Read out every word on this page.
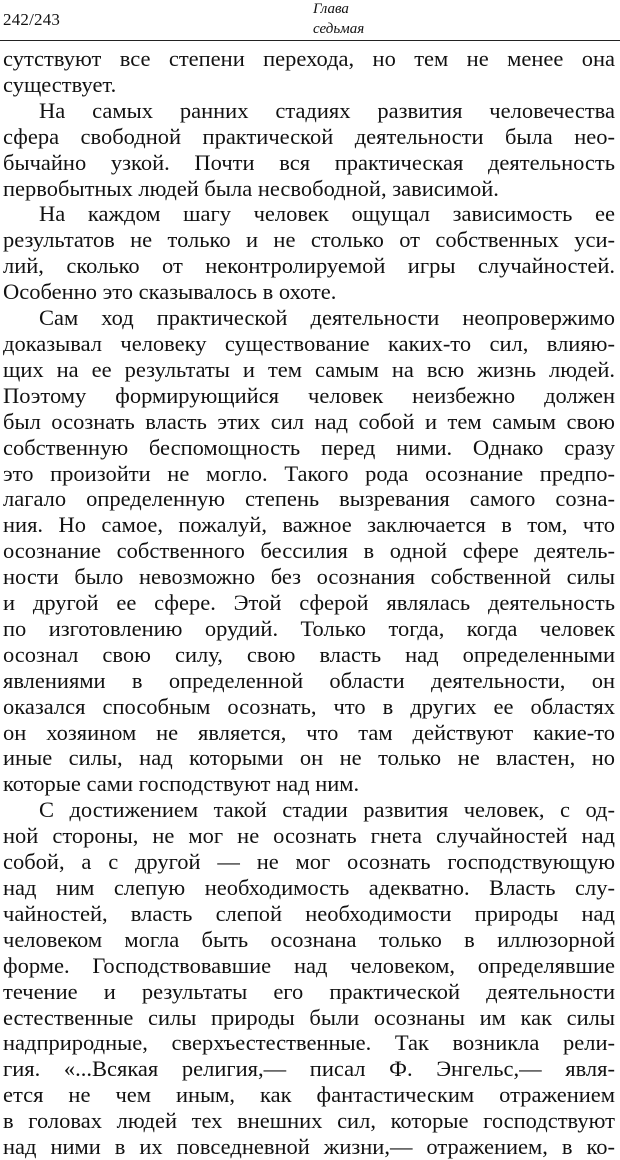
242/243
Глава
седьмая
сутствуют все степени перехода, но тем не менее она
существует.
На самых ранних стадиях развития человечества
сфера свободной практической деятельности была нео-
бычайно узкой. Почти вся практическая деятельность
первобытных людей была несвободной, зависимой.
На каждом шагу человек ощущал зависимость ее
результатов не только и не столько от собственных уси-
лий, сколько от неконтролируемой игры случайностей.
Особенно это сказывалось в охоте.
Сам ход практической деятельности неопровержимо
доказывал человеку существование каких-то сил, влияю-
щих на ее результаты и тем самым на всю жизнь людей.
Поэтому формирующийся человек неизбежно должен
был осознать власть этих сил над собой и тем самым свою
собственную беспомощность перед ними. Однако сразу
это произойти не могло. Такого рода осознание предпо-
лагало определенную степень вызревания самого созна-
ния. Но самое, пожалуй, важное заключается в том, что
осознание собственного бессилия в одной сфере деятель-
ности было невозможно без осознания собственной силы
и другой ее сфере. Этой сферой являлась деятельность
по изготовлению орудий. Только тогда, когда человек
осознал свою силу, свою власть над определенными
явлениями в определенной области деятельности, он
оказался способным осознать, что в других ее областях
он хозяином не является, что там действуют какие-то
иные силы, над которыми он не только не властен, но
которые сами господствуют над ним.
С достижением такой стадии развития человек, с од-
ной стороны, не мог не осознать гнета случайностей над
собой, а с другой — не мог осознать господствующую
над ним слепую необходимость адекватно. Власть слу-
чайностей, власть слепой необходимости природы над
человеком могла быть осознана только в иллюзорной
форме. Господствовавшие над человеком, определявшие
течение и результаты его практической деятельности
естественные силы природы были осознаны им как силы
надприродные, сверхъестественные. Так возникла рели-
гия. «...Всякая религия,— писал Ф. Энгельс,— явля-
ется не чем иным, как фантастическим отражением
в головах людей тех внешних сил, которые господствуют
над ними в их повседневной жизни,— отражением, в ко-
